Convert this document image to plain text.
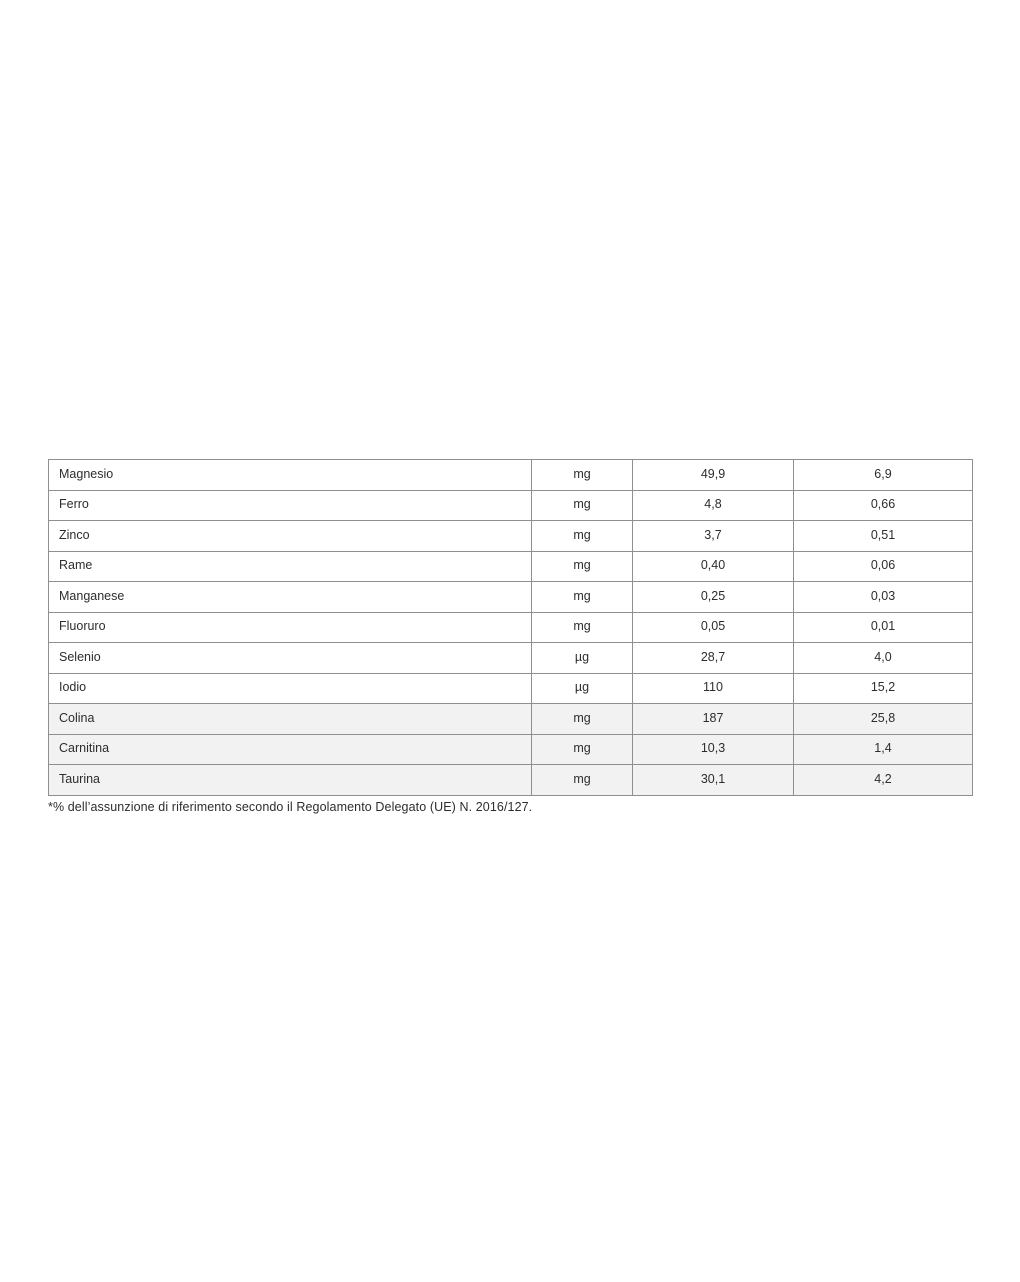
Magnesio	mg	49,9	6,9
Ferro	mg	4,8	0,66
Zinco	mg	3,7	0,51
Rame	mg	0,40	0,06
Manganese	mg	0,25	0,03
Fluoruro	mg	0,05	0,01
Selenio	µg	28,7	4,0
Iodio	µg	110	15,2
Colina	mg	187	25,8
Carnitina	mg	10,3	1,4
Taurina	mg	30,1	4,2
*% dell’assunzione di riferimento secondo il Regolamento Delegato (UE) N. 2016/127.
